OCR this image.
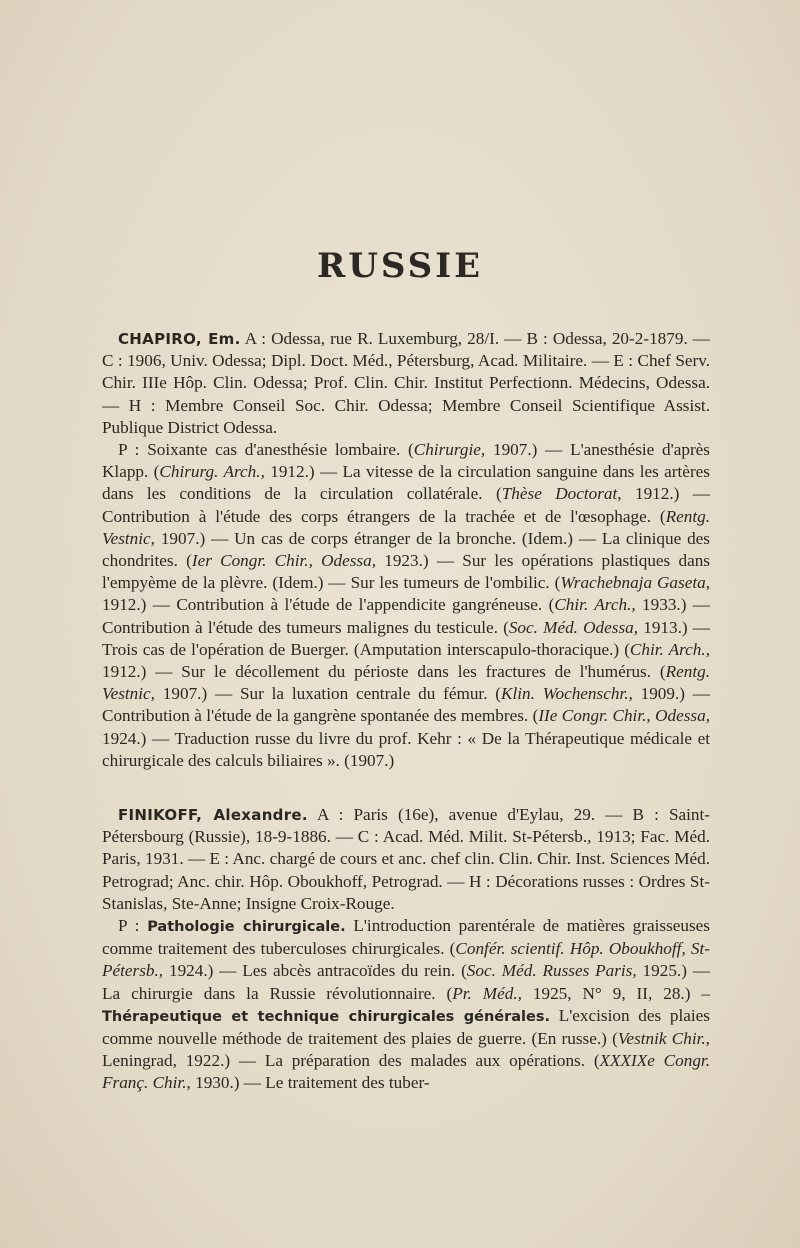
RUSSIE

CHAPIRO, Em. A : Odessa, rue R. Luxemburg, 28/I. — B : Odessa, 20-2-1879. — C : 1906, Univ. Odessa; Dipl. Doct. Méd., Pétersburg, Acad. Militaire. — E : Chef Serv. Chir. IIIe Hôp. Clin. Odessa; Prof. Clin. Chir. Institut Perfectionn. Médecins, Odessa. — H : Membre Conseil Soc. Chir. Odessa; Membre Conseil Scientifique Assist. Publique District Odessa.

P : Soixante cas d'anesthésie lombaire. (Chirurgie, 1907.) — L'anesthésie d'après Klapp. (Chirurg. Arch., 1912.) — La vitesse de la circulation sanguine dans les artères dans les conditions de la circulation collatérale. (Thèse Doctorat, 1912.) — Contribution à l'étude des corps étrangers de la trachée et de l'œsophage. (Rentg. Vestnic, 1907.) — Un cas de corps étranger de la bronche. (Idem.) — La clinique des chondrites. (Ier Congr. Chir., Odessa, 1923.) — Sur les opérations plastiques dans l'empyème de la plèvre. (Idem.) — Sur les tumeurs de l'ombilic. (Wrachebnaja Gaseta, 1912.) — Contribution à l'étude de l'appendicite gangréneuse. (Chir. Arch., 1933.) — Contribution à l'étude des tumeurs malignes du testicule. (Soc. Méd. Odessa, 1913.) — Trois cas de l'opération de Buerger. (Amputation interscapulo-thoracique.) (Chir. Arch., 1912.) — Sur le décollement du périoste dans les fractures de l'humérus. (Rentg. Vestnic, 1907.) — Sur la luxation centrale du fémur. (Klin. Wochenschr., 1909.) — Contribution à l'étude de la gangrène spontanée des membres. (IIe Congr. Chir., Odessa, 1924.) — Traduction russe du livre du prof. Kehr : « De la Thérapeutique médicale et chirurgicale des calculs biliaires ». (1907.)

FINIKOFF, Alexandre. A : Paris (16e), avenue d'Eylau, 29. — B : Saint-Pétersbourg (Russie), 18-9-1886. — C : Acad. Méd. Milit. St-Pétersb., 1913; Fac. Méd. Paris, 1931. — E : Anc. chargé de cours et anc. chef clin. Clin. Chir. Inst. Sciences Méd. Petrograd; Anc. chir. Hôp. Oboukhoff, Petrograd. — H : Décorations russes : Ordres St-Stanislas, Ste-Anne; Insigne Croix-Rouge.

P : Pathologie chirurgicale. L'introduction parentérale de matières graisseuses comme traitement des tuberculoses chirurgicales. (Confér. scientif. Hôp. Oboukhoff, St-Pétersb., 1924.) — Les abcès antracoïdes du rein. (Soc. Méd. Russes Paris, 1925.) — La chirurgie dans la Russie révolutionnaire. (Pr. Méd., 1925, N° 9, II, 28.) – Thérapeutique et technique chirurgicales générales. L'excision des plaies comme nouvelle méthode de traitement des plaies de guerre. (En russe.) (Vestnik Chir., Leningrad, 1922.) — La préparation des malades aux opérations. (XXXIXe Congr. Franç. Chir., 1930.) — Le traitement des tuber-
